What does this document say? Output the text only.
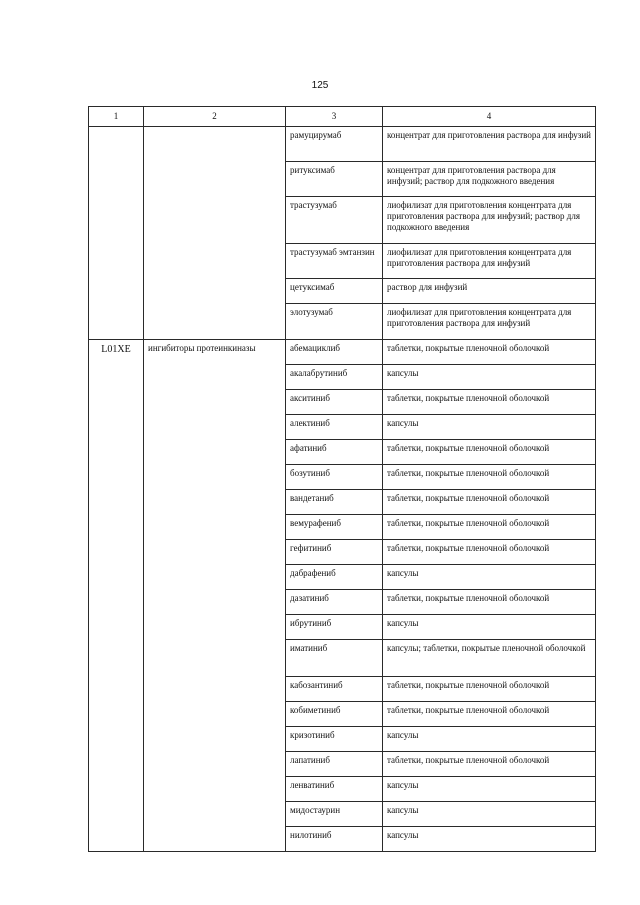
125
1	2	3	4
		рамуцирумаб	концентрат для приготовления раствора для инфузий
		ритуксимаб	концентрат для приготовления раствора для инфузий; раствор для подкожного введения
		трастузумаб	лиофилизат для приготовления концентрата для приготовления раствора для инфузий; раствор для подкожного введения
		трастузумаб эмтанзин	лиофилизат для приготовления концентрата для приготовления раствора для инфузий
		цетуксимаб	раствор для инфузий
		элотузумаб	лиофилизат для приготовления концентрата для приготовления раствора для инфузий
L01XE	ингибиторы протеинкиназы	абемациклиб	таблетки, покрытые пленочной оболочкой
		акалабрутиниб	капсулы
		акситиниб	таблетки, покрытые пленочной оболочкой
		алектиниб	капсулы
		афатиниб	таблетки, покрытые пленочной оболочкой
		бозутиниб	таблетки, покрытые пленочной оболочкой
		вандетаниб	таблетки, покрытые пленочной оболочкой
		вемурафениб	таблетки, покрытые пленочной оболочкой
		гефитиниб	таблетки, покрытые пленочной оболочкой
		дабрафениб	капсулы
		дазатиниб	таблетки, покрытые пленочной оболочкой
		ибрутиниб	капсулы
		иматиниб	капсулы; таблетки, покрытые пленочной оболочкой
		кабозантиниб	таблетки, покрытые пленочной оболочкой
		кобиметиниб	таблетки, покрытые пленочной оболочкой
		кризотиниб	капсулы
		лапатиниб	таблетки, покрытые пленочной оболочкой
		ленватиниб	капсулы
		мидостаурин	капсулы
		нилотиниб	капсулы
